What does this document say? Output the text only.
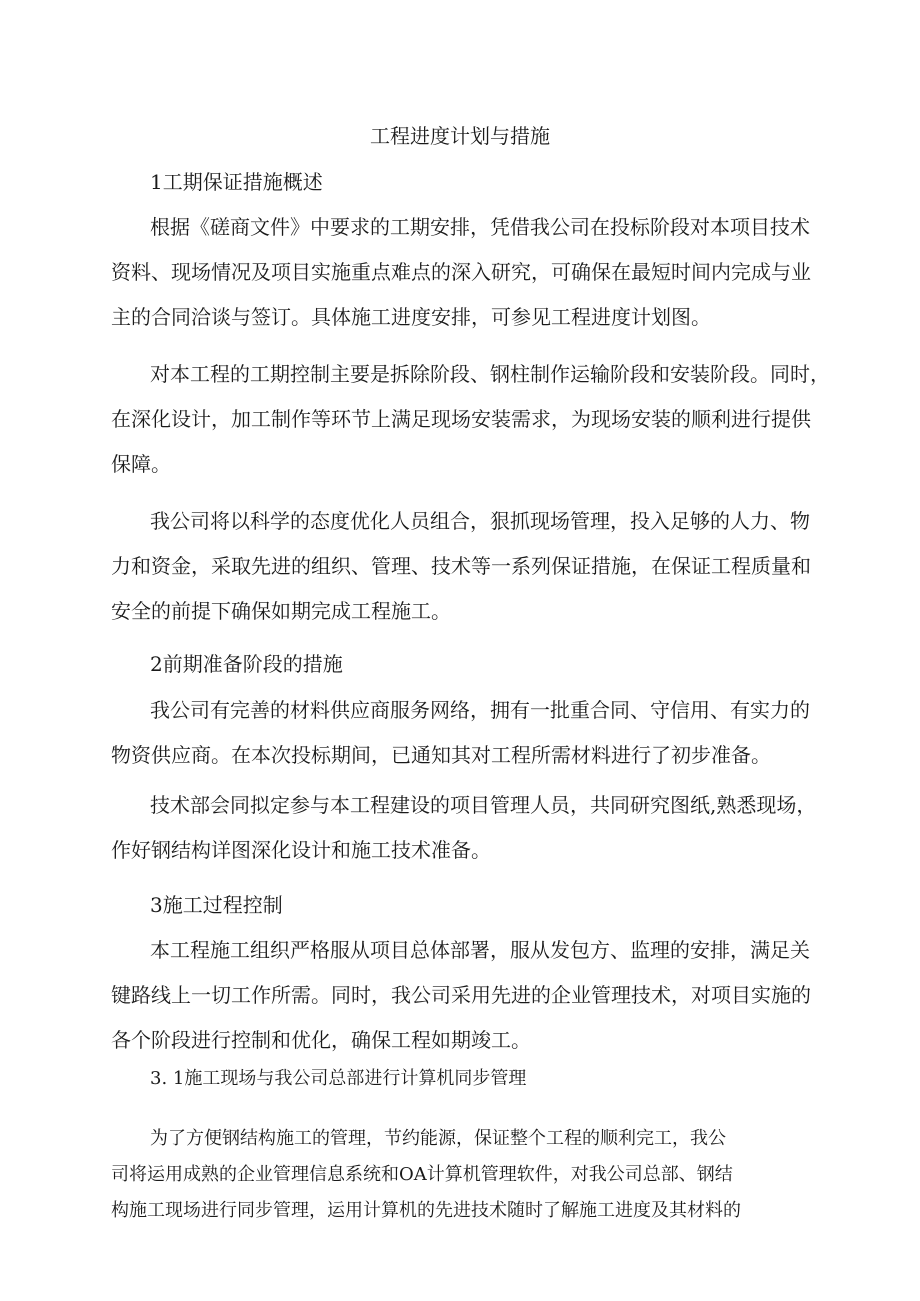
工程进度计划与措施
1工期保证措施概述
根据《磋商文件》中要求的工期安排，凭借我公司在投标阶段对本项目技术
资料、现场情况及项目实施重点难点的深入研究，可确保在最短时间内完成与业
主的合同洽谈与签订。具体施工进度安排，可参见工程进度计划图。
对本工程的工期控制主要是拆除阶段、钢柱制作运输阶段和安装阶段。同时，
在深化设计，加工制作等环节上满足现场安装需求，为现场安装的顺利进行提供
保障。
我公司将以科学的态度优化人员组合，狠抓现场管理，投入足够的人力、物
力和资金，采取先进的组织、管理、技术等一系列保证措施，在保证工程质量和
安全的前提下确保如期完成工程施工。
2前期准备阶段的措施
我公司有完善的材料供应商服务网络，拥有一批重合同、守信用、有实力的
物资供应商。在本次投标期间，已通知其对工程所需材料进行了初步准备。
技术部会同拟定参与本工程建设的项目管理人员，共同研究图纸,熟悉现场，
作好钢结构详图深化设计和施工技术准备。
3施工过程控制
本工程施工组织严格服从项目总体部署，服从发包方、监理的安排，满足关
键路线上一切工作所需。同时，我公司采用先进的企业管理技术，对项目实施的
各个阶段进行控制和优化，确保工程如期竣工。
3. 1施工现场与我公司总部进行计算机同步管理
为了方便钢结构施工的管理，节约能源，保证整个工程的顺利完工，我公
司将运用成熟的企业管理信息系统和OA计算机管理软件，对我公司总部、钢结
构施工现场进行同步管理，运用计算机的先进技术随时了解施工进度及其材料的
